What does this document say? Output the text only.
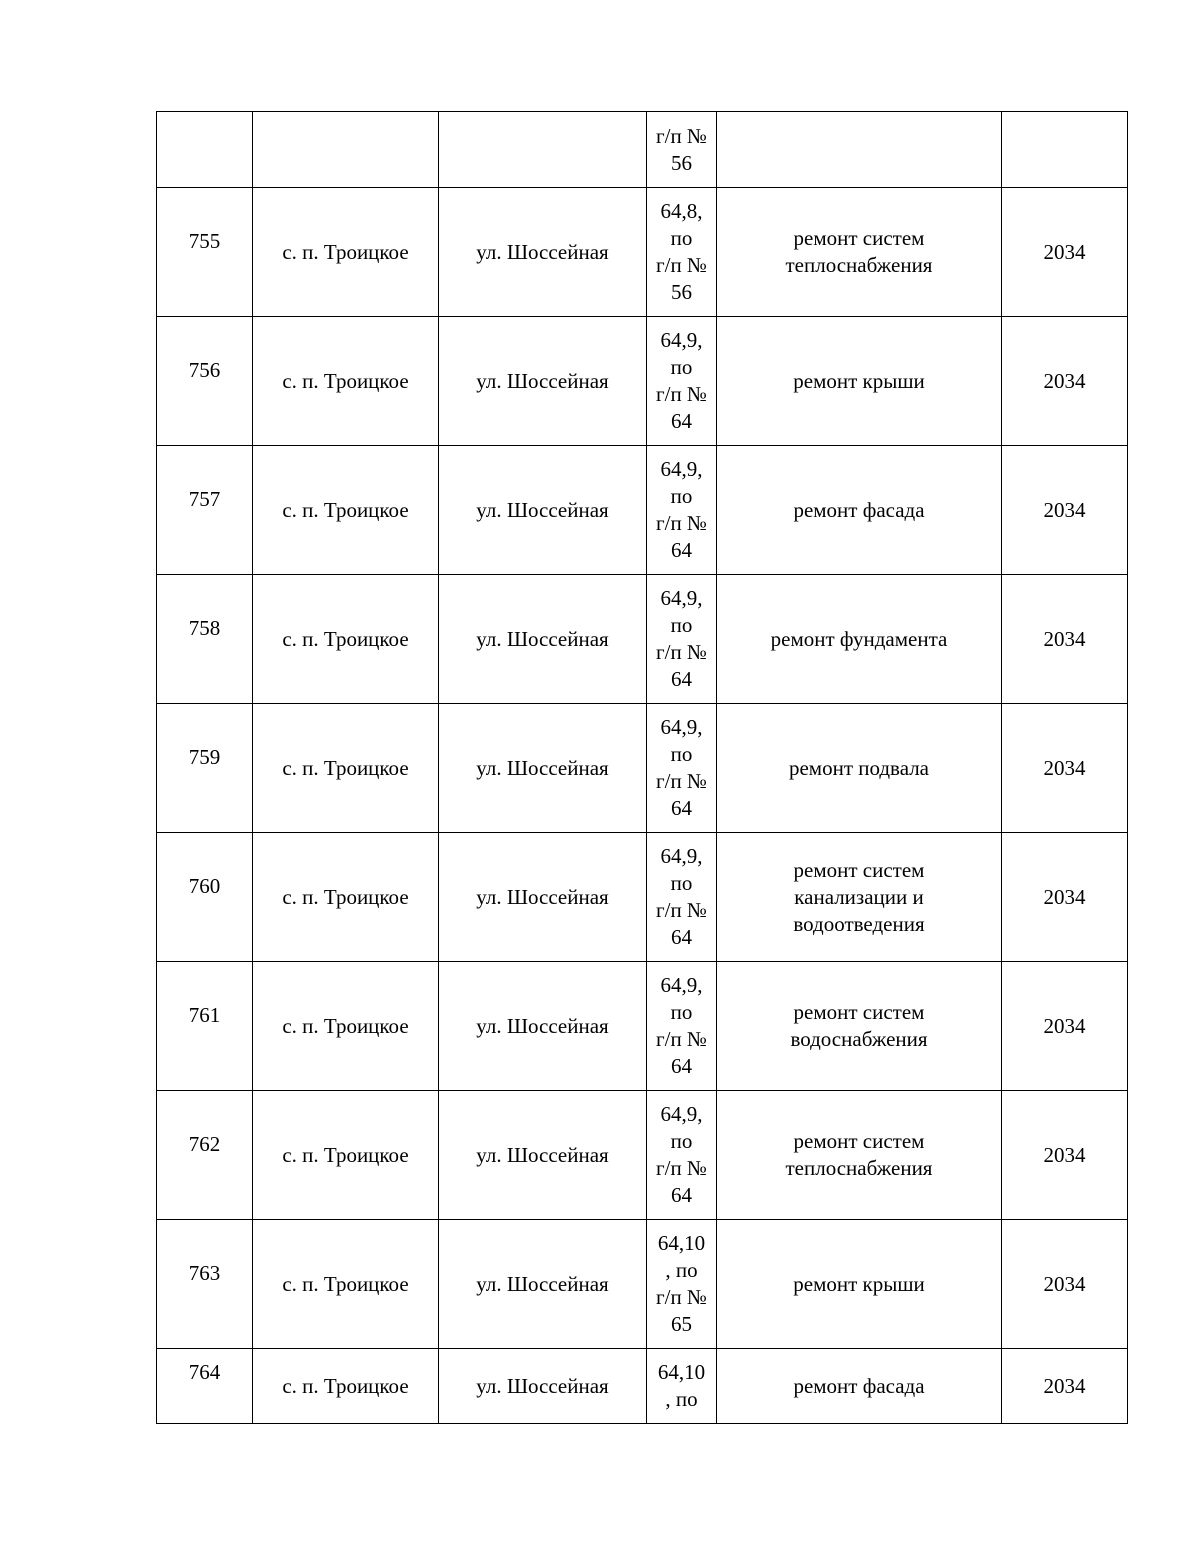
			г/п №
56		

755	с. п. Троицкое	ул. Шоссейная	64,8,
по
г/п №
56	ремонт систем
теплоснабжения	2034
756	с. п. Троицкое	ул. Шоссейная	64,9,
по
г/п №
64	ремонт крыши	2034
757	с. п. Троицкое	ул. Шоссейная	64,9,
по
г/п №
64	ремонт фасада	2034
758	с. п. Троицкое	ул. Шоссейная	64,9,
по
г/п №
64	ремонт фундамента	2034
759	с. п. Троицкое	ул. Шоссейная	64,9,
по
г/п №
64	ремонт подвала	2034
760	с. п. Троицкое	ул. Шоссейная	64,9,
по
г/п №
64	ремонт систем
канализации и
водоотведения	2034
761	с. п. Троицкое	ул. Шоссейная	64,9,
по
г/п №
64	ремонт систем
водоснабжения	2034
762	с. п. Троицкое	ул. Шоссейная	64,9,
по
г/п №
64	ремонт систем
теплоснабжения	2034
763	с. п. Троицкое	ул. Шоссейная	64,10
, по
г/п №
65	ремонт крыши	2034
764	с. п. Троицкое	ул. Шоссейная	64,10
, по	ремонт фасада	2034
